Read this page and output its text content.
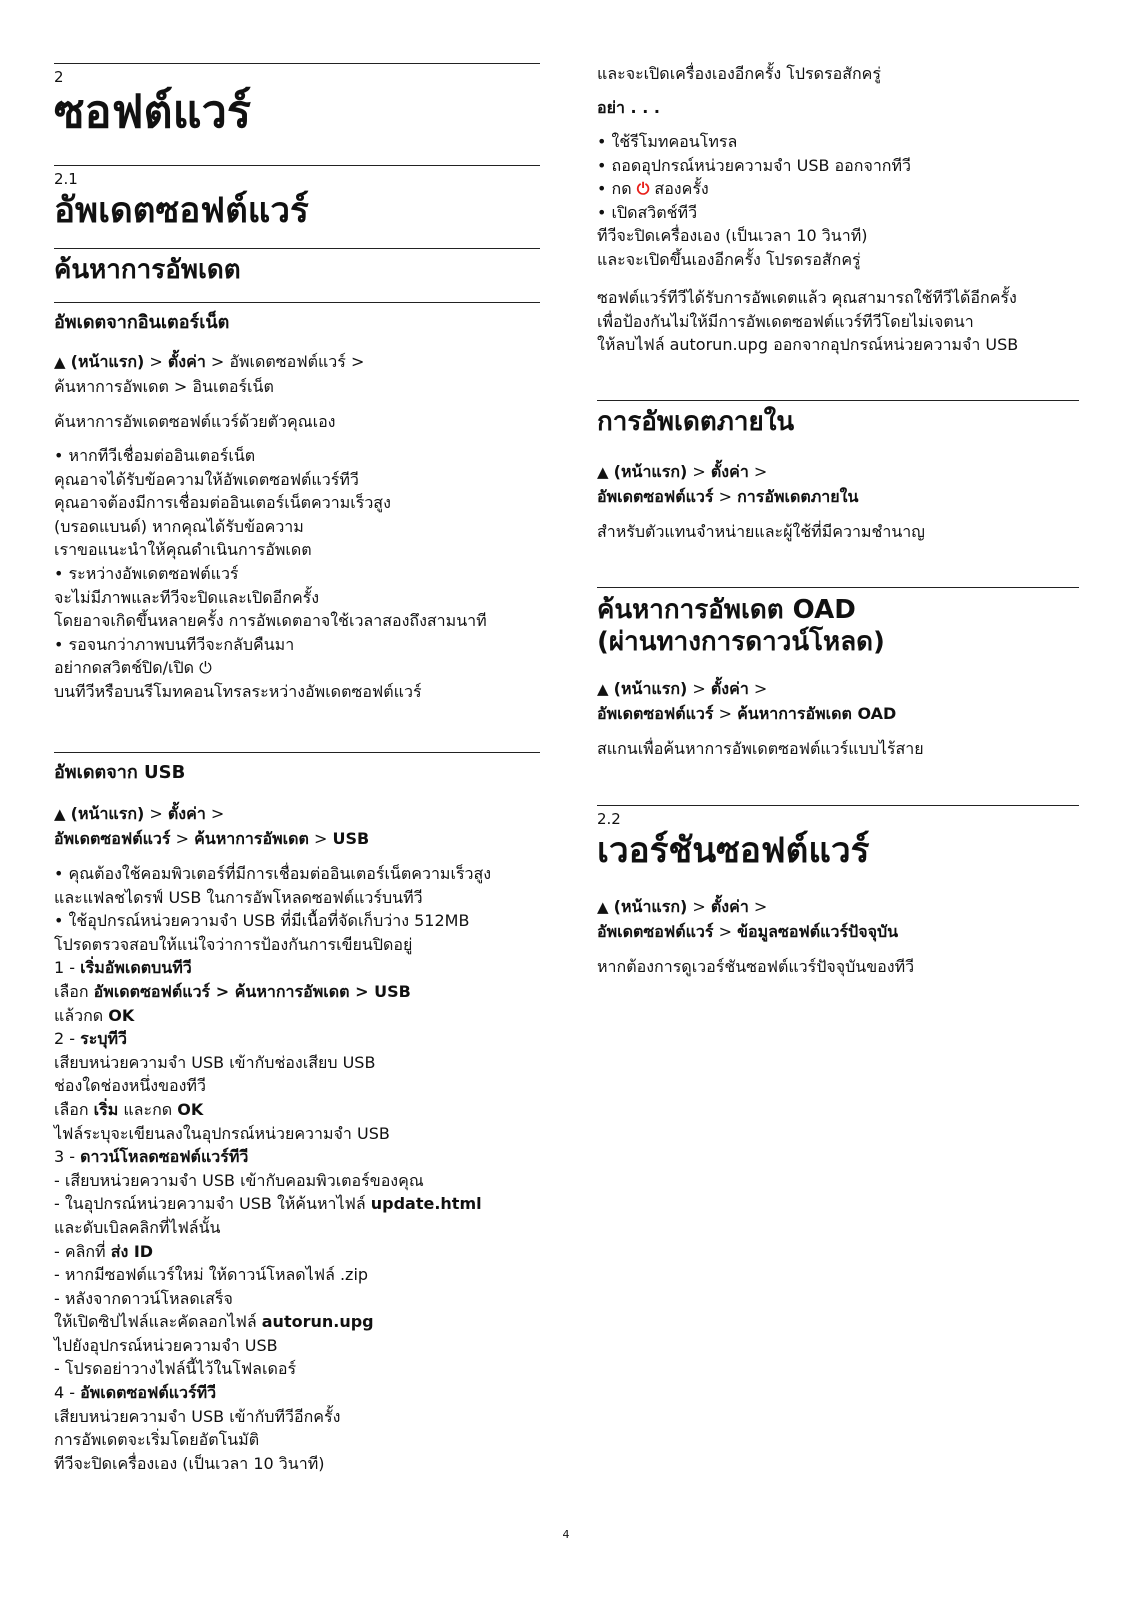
2
ซอฟต์แวร์
2.1
อัพเดตซอฟต์แวร์
ค้นหาการอัพเดต
อัพเดตจากอินเตอร์เน็ต
▲ (หน้าแรก) > ตั้งค่า > อัพเดตซอฟต์แวร์ >
ค้นหาการอัพเดต > อินเตอร์เน็ต
ค้นหาการอัพเดตซอฟต์แวร์ด้วยตัวคุณเอง
• หากทีวีเชื่อมต่ออินเตอร์เน็ต
คุณอาจได้รับข้อความให้อัพเดตซอฟต์แวร์ทีวี
คุณอาจต้องมีการเชื่อมต่ออินเตอร์เน็ตความเร็วสูง
(บรอดแบนด์) หากคุณได้รับข้อความ
เราขอแนะนำให้คุณดำเนินการอัพเดต
• ระหว่างอัพเดตซอฟต์แวร์
จะไม่มีภาพและทีวีจะปิดและเปิดอีกครั้ง
โดยอาจเกิดขึ้นหลายครั้ง การอัพเดตอาจใช้เวลาสองถึงสามนาที
• รอจนกว่าภาพบนทีวีจะกลับคืนมา
อย่ากดสวิตช์ปิด/เปิด ⏻
บนทีวีหรือบนรีโมทคอนโทรลระหว่างอัพเดตซอฟต์แวร์
อัพเดตจาก USB
▲ (หน้าแรก) > ตั้งค่า >
อัพเดตซอฟต์แวร์ > ค้นหาการอัพเดต > USB
• คุณต้องใช้คอมพิวเตอร์ที่มีการเชื่อมต่ออินเตอร์เน็ตความเร็วสูง
และแฟลชไดรฟ์ USB ในการอัพโหลดซอฟต์แวร์บนทีวี
• ใช้อุปกรณ์หน่วยความจำ USB ที่มีเนื้อที่จัดเก็บว่าง 512MB
โปรดตรวจสอบให้แน่ใจว่าการป้องกันการเขียนปิดอยู่
1 - เริ่มอัพเดตบนทีวี
เลือก อัพเดตซอฟต์แวร์ > ค้นหาการอัพเดต > USB
แล้วกด OK
2 - ระบุทีวี
เสียบหน่วยความจำ USB เข้ากับช่องเสียบ USB
ช่องใดช่องหนึ่งของทีวี
เลือก เริ่ม และกด OK
ไฟล์ระบุจะเขียนลงในอุปกรณ์หน่วยความจำ USB
3 - ดาวน์โหลดซอฟต์แวร์ทีวี
- เสียบหน่วยความจำ USB เข้ากับคอมพิวเตอร์ของคุณ
- ในอุปกรณ์หน่วยความจำ USB ให้ค้นหาไฟล์ update.html
และดับเบิลคลิกที่ไฟล์นั้น
- คลิกที่ ส่ง ID
- หากมีซอฟต์แวร์ใหม่ ให้ดาวน์โหลดไฟล์ .zip
- หลังจากดาวน์โหลดเสร็จ
ให้เปิดซิปไฟล์และคัดลอกไฟล์ autorun.upg
ไปยังอุปกรณ์หน่วยความจำ USB
- โปรดอย่าวางไฟล์นี้ไว้ในโฟลเดอร์
4 - อัพเดตซอฟต์แวร์ทีวี
เสียบหน่วยความจำ USB เข้ากับทีวีอีกครั้ง
การอัพเดตจะเริ่มโดยอัตโนมัติ
ทีวีจะปิดเครื่องเอง (เป็นเวลา 10 วินาที)
และจะเปิดเครื่องเองอีกครั้ง โปรดรอสักครู่
อย่า . . .
• ใช้รีโมทคอนโทรล
• ถอดอุปกรณ์หน่วยความจำ USB ออกจากทีวี
• กด ⏻ สองครั้ง
• เปิดสวิตช์ทีวี
ทีวีจะปิดเครื่องเอง (เป็นเวลา 10 วินาที)
และจะเปิดขึ้นเองอีกครั้ง โปรดรอสักครู่
ซอฟต์แวร์ทีวีได้รับการอัพเดตแล้ว คุณสามารถใช้ทีวีได้อีกครั้ง
เพื่อป้องกันไม่ให้มีการอัพเดตซอฟต์แวร์ทีวีโดยไม่เจตนา
ให้ลบไฟล์ autorun.upg ออกจากอุปกรณ์หน่วยความจำ USB
การอัพเดตภายใน
▲ (หน้าแรก) > ตั้งค่า >
อัพเดตซอฟต์แวร์ > การอัพเดตภายใน
สำหรับตัวแทนจำหน่ายและผู้ใช้ที่มีความชำนาญ
ค้นหาการอัพเดต OAD
(ผ่านทางการดาวน์โหลด)
▲ (หน้าแรก) > ตั้งค่า >
อัพเดตซอฟต์แวร์ > ค้นหาการอัพเดต OAD
สแกนเพื่อค้นหาการอัพเดตซอฟต์แวร์แบบไร้สาย
2.2
เวอร์ชันซอฟต์แวร์
▲ (หน้าแรก) > ตั้งค่า >
อัพเดตซอฟต์แวร์ > ข้อมูลซอฟต์แวร์ปัจจุบัน
หากต้องการดูเวอร์ชันซอฟต์แวร์ปัจจุบันของทีวี
4
